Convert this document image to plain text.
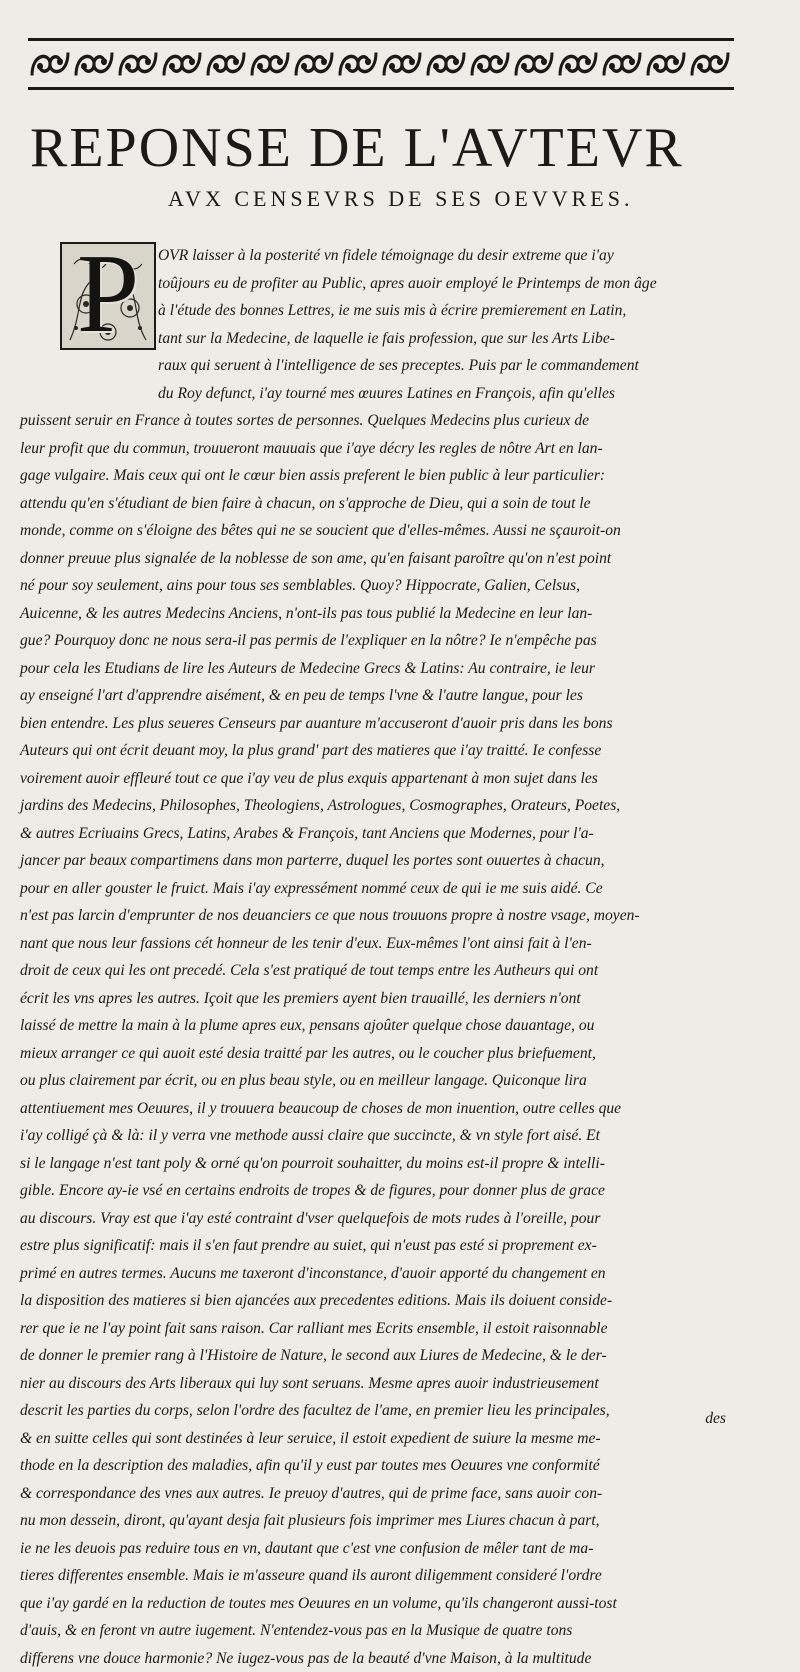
REPONSE DE L'AVTEVR
AVX CENSEVRS DE SES OEVVRES.
P	OVR laisser à la posterité vn fidele témoignage du desir extreme que i'ay
toûjours eu de profiter au Public, apres auoir employé le Printemps de mon âge
à l'étude des bonnes Lettres, ie me suis mis à écrire premierement en Latin,
tant sur la Medecine, de laquelle ie fais profession, que sur les Arts Libe-
raux qui seruent à l'intelligence de ses preceptes. Puis par le commandement
du Roy defunct, i'ay tourné mes œuures Latines en François, afin qu'elles
puissent seruir en France à toutes sortes de personnes. Quelques Medecins plus curieux de
leur profit que du commun, trouueront mauuais que i'aye décry les regles de nôtre Art en lan-
gage vulgaire. Mais ceux qui ont le cœur bien assis preferent le bien public à leur particulier:
attendu qu'en s'étudiant de bien faire à chacun, on s'approche de Dieu, qui a soin de tout le
monde, comme on s'éloigne des bêtes qui ne se soucient que d'elles-mêmes. Aussi ne sçauroit-on
donner preuue plus signalée de la noblesse de son ame, qu'en faisant paroître qu'on n'est point
né pour soy seulement, ains pour tous ses semblables. Quoy? Hippocrate, Galien, Celsus,
Auicenne, & les autres Medecins Anciens, n'ont-ils pas tous publié la Medecine en leur lan-
gue? Pourquoy donc ne nous sera-il pas permis de l'expliquer en la nôtre? Ie n'empêche pas
pour cela les Etudians de lire les Auteurs de Medecine Grecs & Latins: Au contraire, ie leur
ay enseigné l'art d'apprendre aisément, & en peu de temps l'vne & l'autre langue, pour les
bien entendre. Les plus seueres Censeurs par auanture m'accuseront d'auoir pris dans les bons
Auteurs qui ont écrit deuant moy, la plus grand' part des matieres que i'ay traitté. Ie confesse
voirement auoir effleuré tout ce que i'ay veu de plus exquis appartenant à mon sujet dans les
jardins des Medecins, Philosophes, Theologiens, Astrologues, Cosmographes, Orateurs, Poetes,
& autres Ecriuains Grecs, Latins, Arabes & François, tant Anciens que Modernes, pour l'a-
jancer par beaux compartimens dans mon parterre, duquel les portes sont ouuertes à chacun,
pour en aller gouster le fruict. Mais i'ay expressément nommé ceux de qui ie me suis aidé. Ce
n'est pas larcin d'emprunter de nos deuanciers ce que nous trouuons propre à nostre vsage, moyen-
nant que nous leur fassions cét honneur de les tenir d'eux. Eux-mêmes l'ont ainsi fait à l'en-
droit de ceux qui les ont precedé. Cela s'est pratiqué de tout temps entre les Autheurs qui ont
écrit les vns apres les autres. Içoit que les premiers ayent bien trauaillé, les derniers n'ont
laissé de mettre la main à la plume apres eux, pensans ajoûter quelque chose dauantage, ou
mieux arranger ce qui auoit esté desia traitté par les autres, ou le coucher plus briefuement,
ou plus clairement par écrit, ou en plus beau style, ou en meilleur langage. Quiconque lira
attentiuement mes Oeuures, il y trouuera beaucoup de choses de mon inuention, outre celles que
i'ay colligé çà & là: il y verra vne methode aussi claire que succincte, & vn style fort aisé. Et
si le langage n'est tant poly & orné qu'on pourroit souhaitter, du moins est-il propre & intelli-
gible. Encore ay-ie vsé en certains endroits de tropes & de figures, pour donner plus de grace
au discours. Vray est que i'ay esté contraint d'vser quelquefois de mots rudes à l'oreille, pour
estre plus significatif: mais il s'en faut prendre au suiet, qui n'eust pas esté si proprement ex-
primé en autres termes. Aucuns me taxeront d'inconstance, d'auoir apporté du changement en
la disposition des matieres si bien ajancées aux precedentes editions. Mais ils doiuent conside-
rer que ie ne l'ay point fait sans raison. Car ralliant mes Ecrits ensemble, il estoit raisonnable
de donner le premier rang à l'Histoire de Nature, le second aux Liures de Medecine, & le der-
nier au discours des Arts liberaux qui luy sont seruans. Mesme apres auoir industrieusement
descrit les parties du corps, selon l'ordre des facultez de l'ame, en premier lieu les principales,
& en suitte celles qui sont destinées à leur seruice, il estoit expedient de suiure la mesme me-
thode en la description des maladies, afin qu'il y eust par toutes mes Oeuures vne conformité
& correspondance des vnes aux autres. Ie preuoy d'autres, qui de prime face, sans auoir con-
nu mon dessein, diront, qu'ayant desja fait plusieurs fois imprimer mes Liures chacun à part,
ie ne les deuois pas reduire tous en vn, dautant que c'est vne confusion de mêler tant de ma-
tieres differentes ensemble. Mais ie m'asseure quand ils auront diligemment consideré l'ordre
que i'ay gardé en la reduction de toutes mes Oeuures en un volume, qu'ils changeront aussi-tost
d'auis, & en feront vn autre iugement. N'entendez-vous pas en la Musique de quatre tons
differens vne douce harmonie? Ne iugez-vous pas de la beauté d'vne Maison, à la multitude
des
